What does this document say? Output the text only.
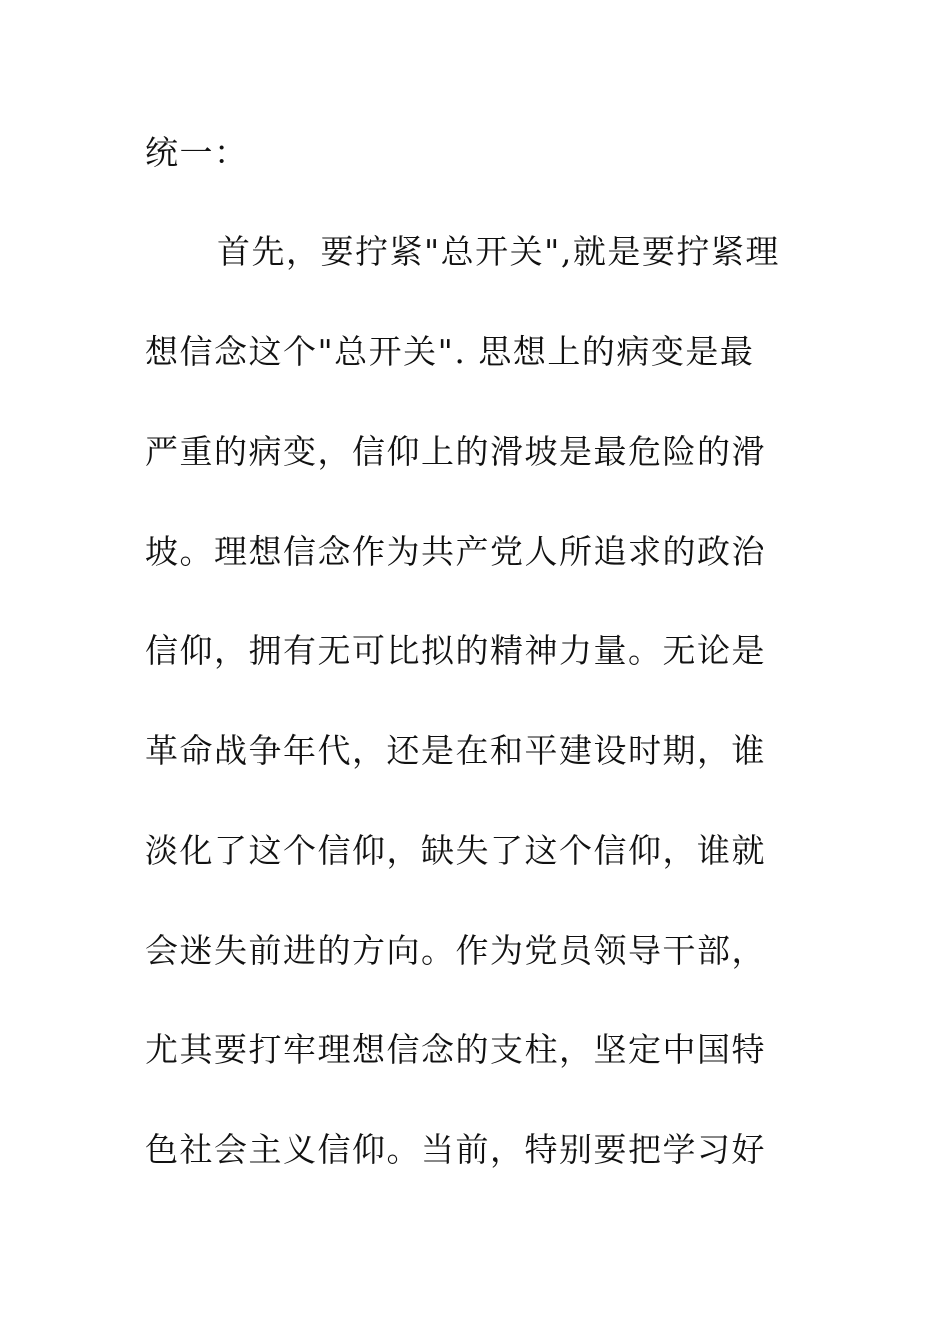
统一：
首先，要拧紧"总开关",就是要拧紧理
想信念这个"总开关". 思想上的病变是最
严重的病变，信仰上的滑坡是最危险的滑
坡。理想信念作为共产党人所追求的政治
信仰，拥有无可比拟的精神力量。无论是
革命战争年代，还是在和平建设时期，谁
淡化了这个信仰，缺失了这个信仰，谁就
会迷失前进的方向。作为党员领导干部，
尤其要打牢理想信念的支柱，坚定中国特
色社会主义信仰。当前，特别要把学习好
